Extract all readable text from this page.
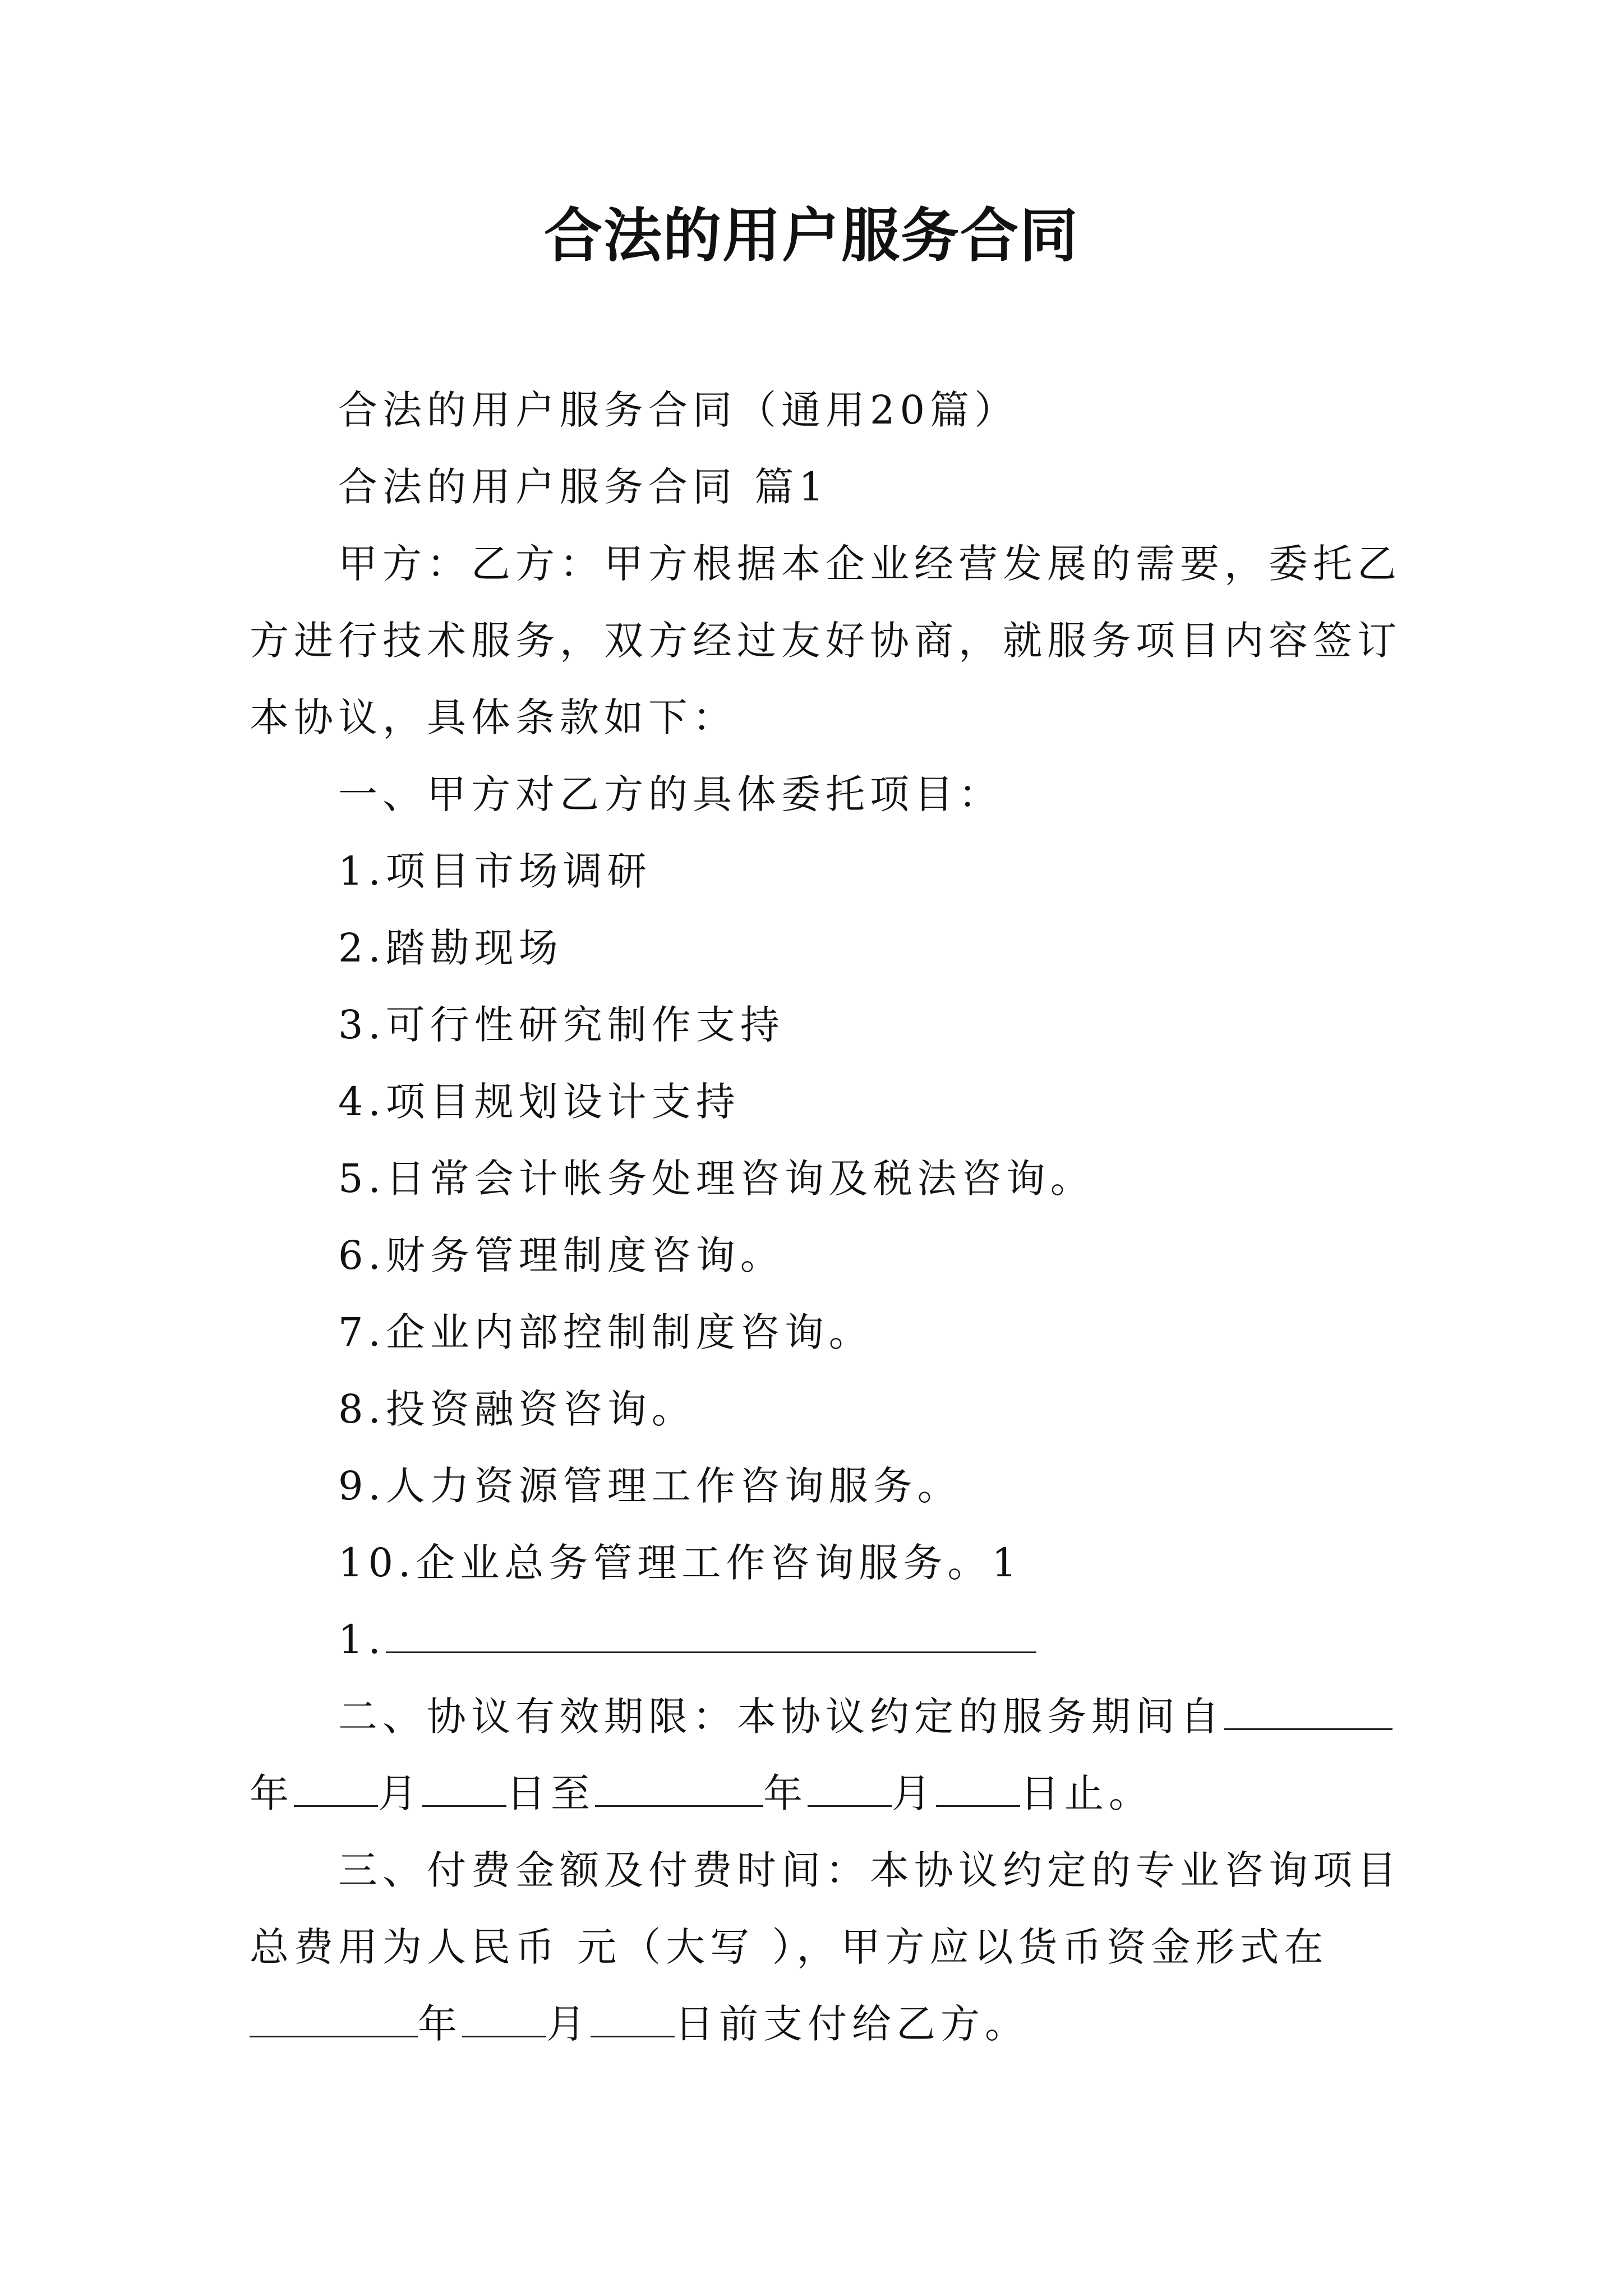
合法的用户服务合同
合法的用户服务合同（通用20篇）
合法的用户服务合同 篇1
甲方：乙方：甲方根据本企业经营发展的需要，委托乙
方进行技术服务，双方经过友好协商，就服务项目内容签订
本协议，具体条款如下：
一、甲方对乙方的具体委托项目：
1.项目市场调研
2.踏勘现场
3.可行性研究制作支持
4.项目规划设计支持
5.日常会计帐务处理咨询及税法咨询。
6.财务管理制度咨询。
7.企业内部控制制度咨询。
8.投资融资咨询。
9.人力资源管理工作咨询服务。
10.企业总务管理工作咨询服务。1
1.
二、协议有效期限：本协议约定的服务期间自
年 月 日至	年 月 日止。
三、付费金额及付费时间：本协议约定的专业咨询项目
总费用为人民币 元（大写 ），甲方应以货币资金形式在
年 月 日前支付给乙方。
